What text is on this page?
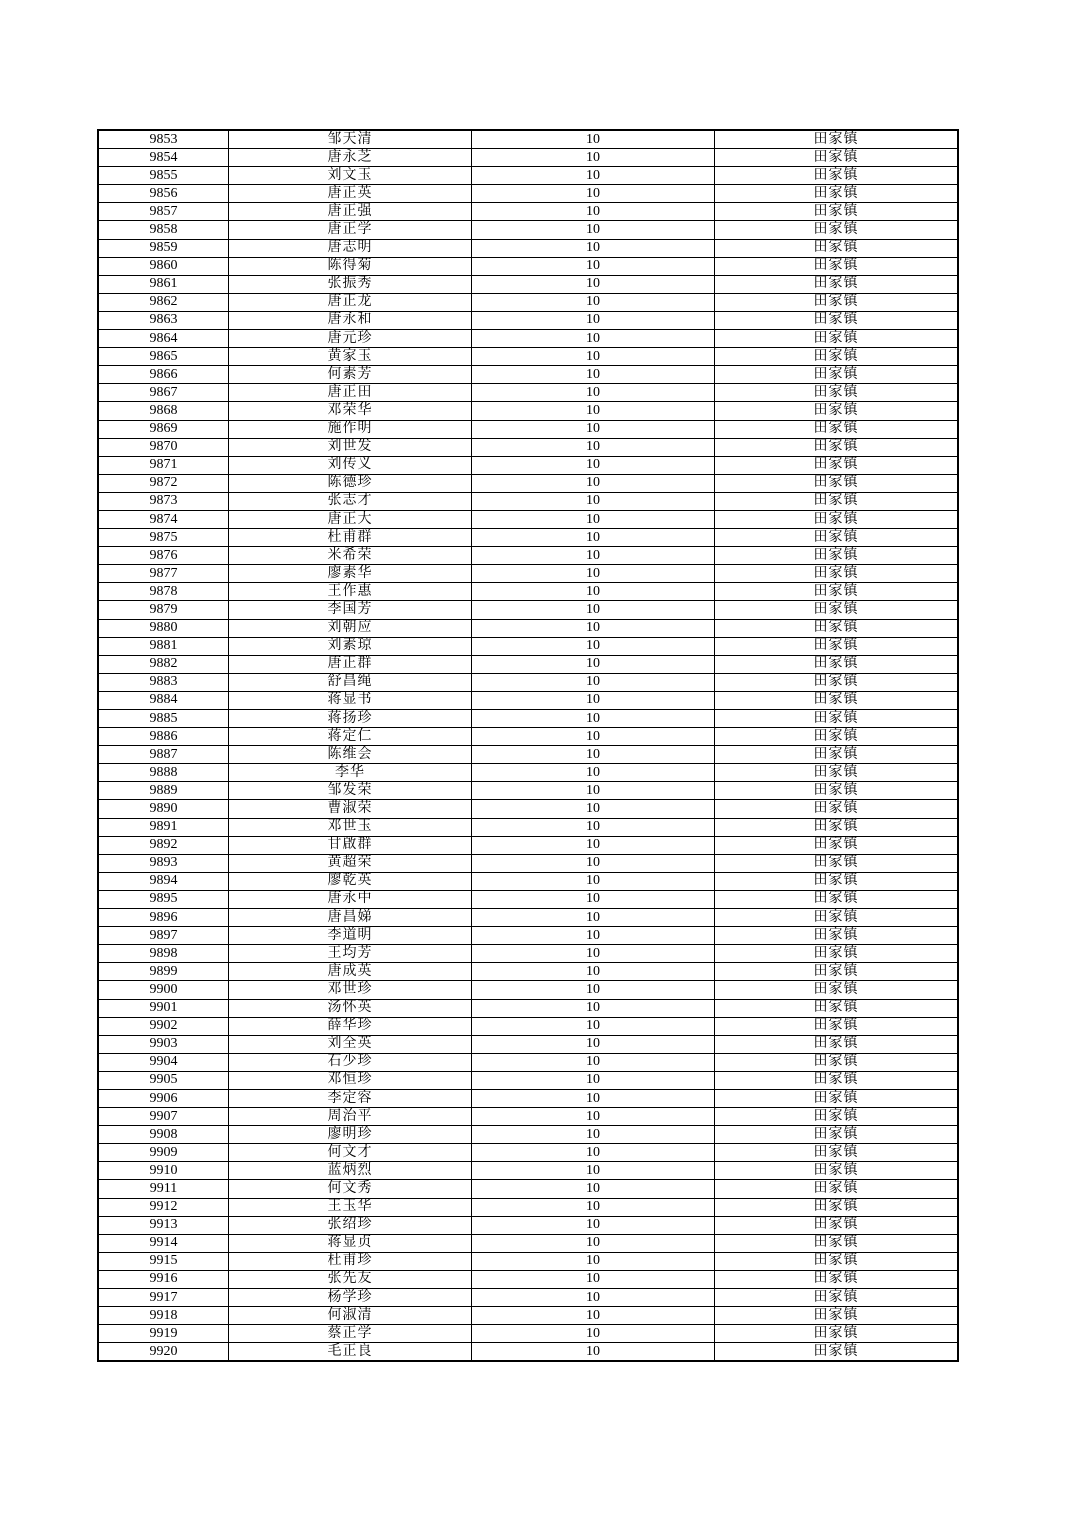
9853	邹天清	10	田家镇
9854	唐永芝	10	田家镇
9855	刘文玉	10	田家镇
9856	唐正英	10	田家镇
9857	唐正强	10	田家镇
9858	唐正学	10	田家镇
9859	唐志明	10	田家镇
9860	陈得菊	10	田家镇
9861	张振秀	10	田家镇
9862	唐正龙	10	田家镇
9863	唐永和	10	田家镇
9864	唐元珍	10	田家镇
9865	黄家玉	10	田家镇
9866	何素芳	10	田家镇
9867	唐正田	10	田家镇
9868	邓荣华	10	田家镇
9869	施作明	10	田家镇
9870	刘世发	10	田家镇
9871	刘传义	10	田家镇
9872	陈德珍	10	田家镇
9873	张志才	10	田家镇
9874	唐正大	10	田家镇
9875	杜甫群	10	田家镇
9876	米希荣	10	田家镇
9877	廖素华	10	田家镇
9878	王作惠	10	田家镇
9879	李国芳	10	田家镇
9880	刘朝应	10	田家镇
9881	刘素琼	10	田家镇
9882	唐正群	10	田家镇
9883	舒昌绳	10	田家镇
9884	蒋显书	10	田家镇
9885	蒋扬珍	10	田家镇
9886	蒋定仁	10	田家镇
9887	陈维会	10	田家镇
9888	李华	10	田家镇
9889	邹发荣	10	田家镇
9890	曹淑荣	10	田家镇
9891	邓世玉	10	田家镇
9892	甘啟群	10	田家镇
9893	黄超荣	10	田家镇
9894	廖乾英	10	田家镇
9895	唐永中	10	田家镇
9896	唐昌娣	10	田家镇
9897	李道明	10	田家镇
9898	王均芳	10	田家镇
9899	唐成英	10	田家镇
9900	邓世珍	10	田家镇
9901	汤怀英	10	田家镇
9902	薛华珍	10	田家镇
9903	刘全英	10	田家镇
9904	石少珍	10	田家镇
9905	邓恒珍	10	田家镇
9906	李定容	10	田家镇
9907	周治平	10	田家镇
9908	廖明珍	10	田家镇
9909	何文才	10	田家镇
9910	蓝炳烈	10	田家镇
9911	何文秀	10	田家镇
9912	王玉华	10	田家镇
9913	张绍珍	10	田家镇
9914	蒋显贞	10	田家镇
9915	杜甫珍	10	田家镇
9916	张先友	10	田家镇
9917	杨学珍	10	田家镇
9918	何淑清	10	田家镇
9919	蔡正学	10	田家镇
9920	毛正良	10	田家镇
